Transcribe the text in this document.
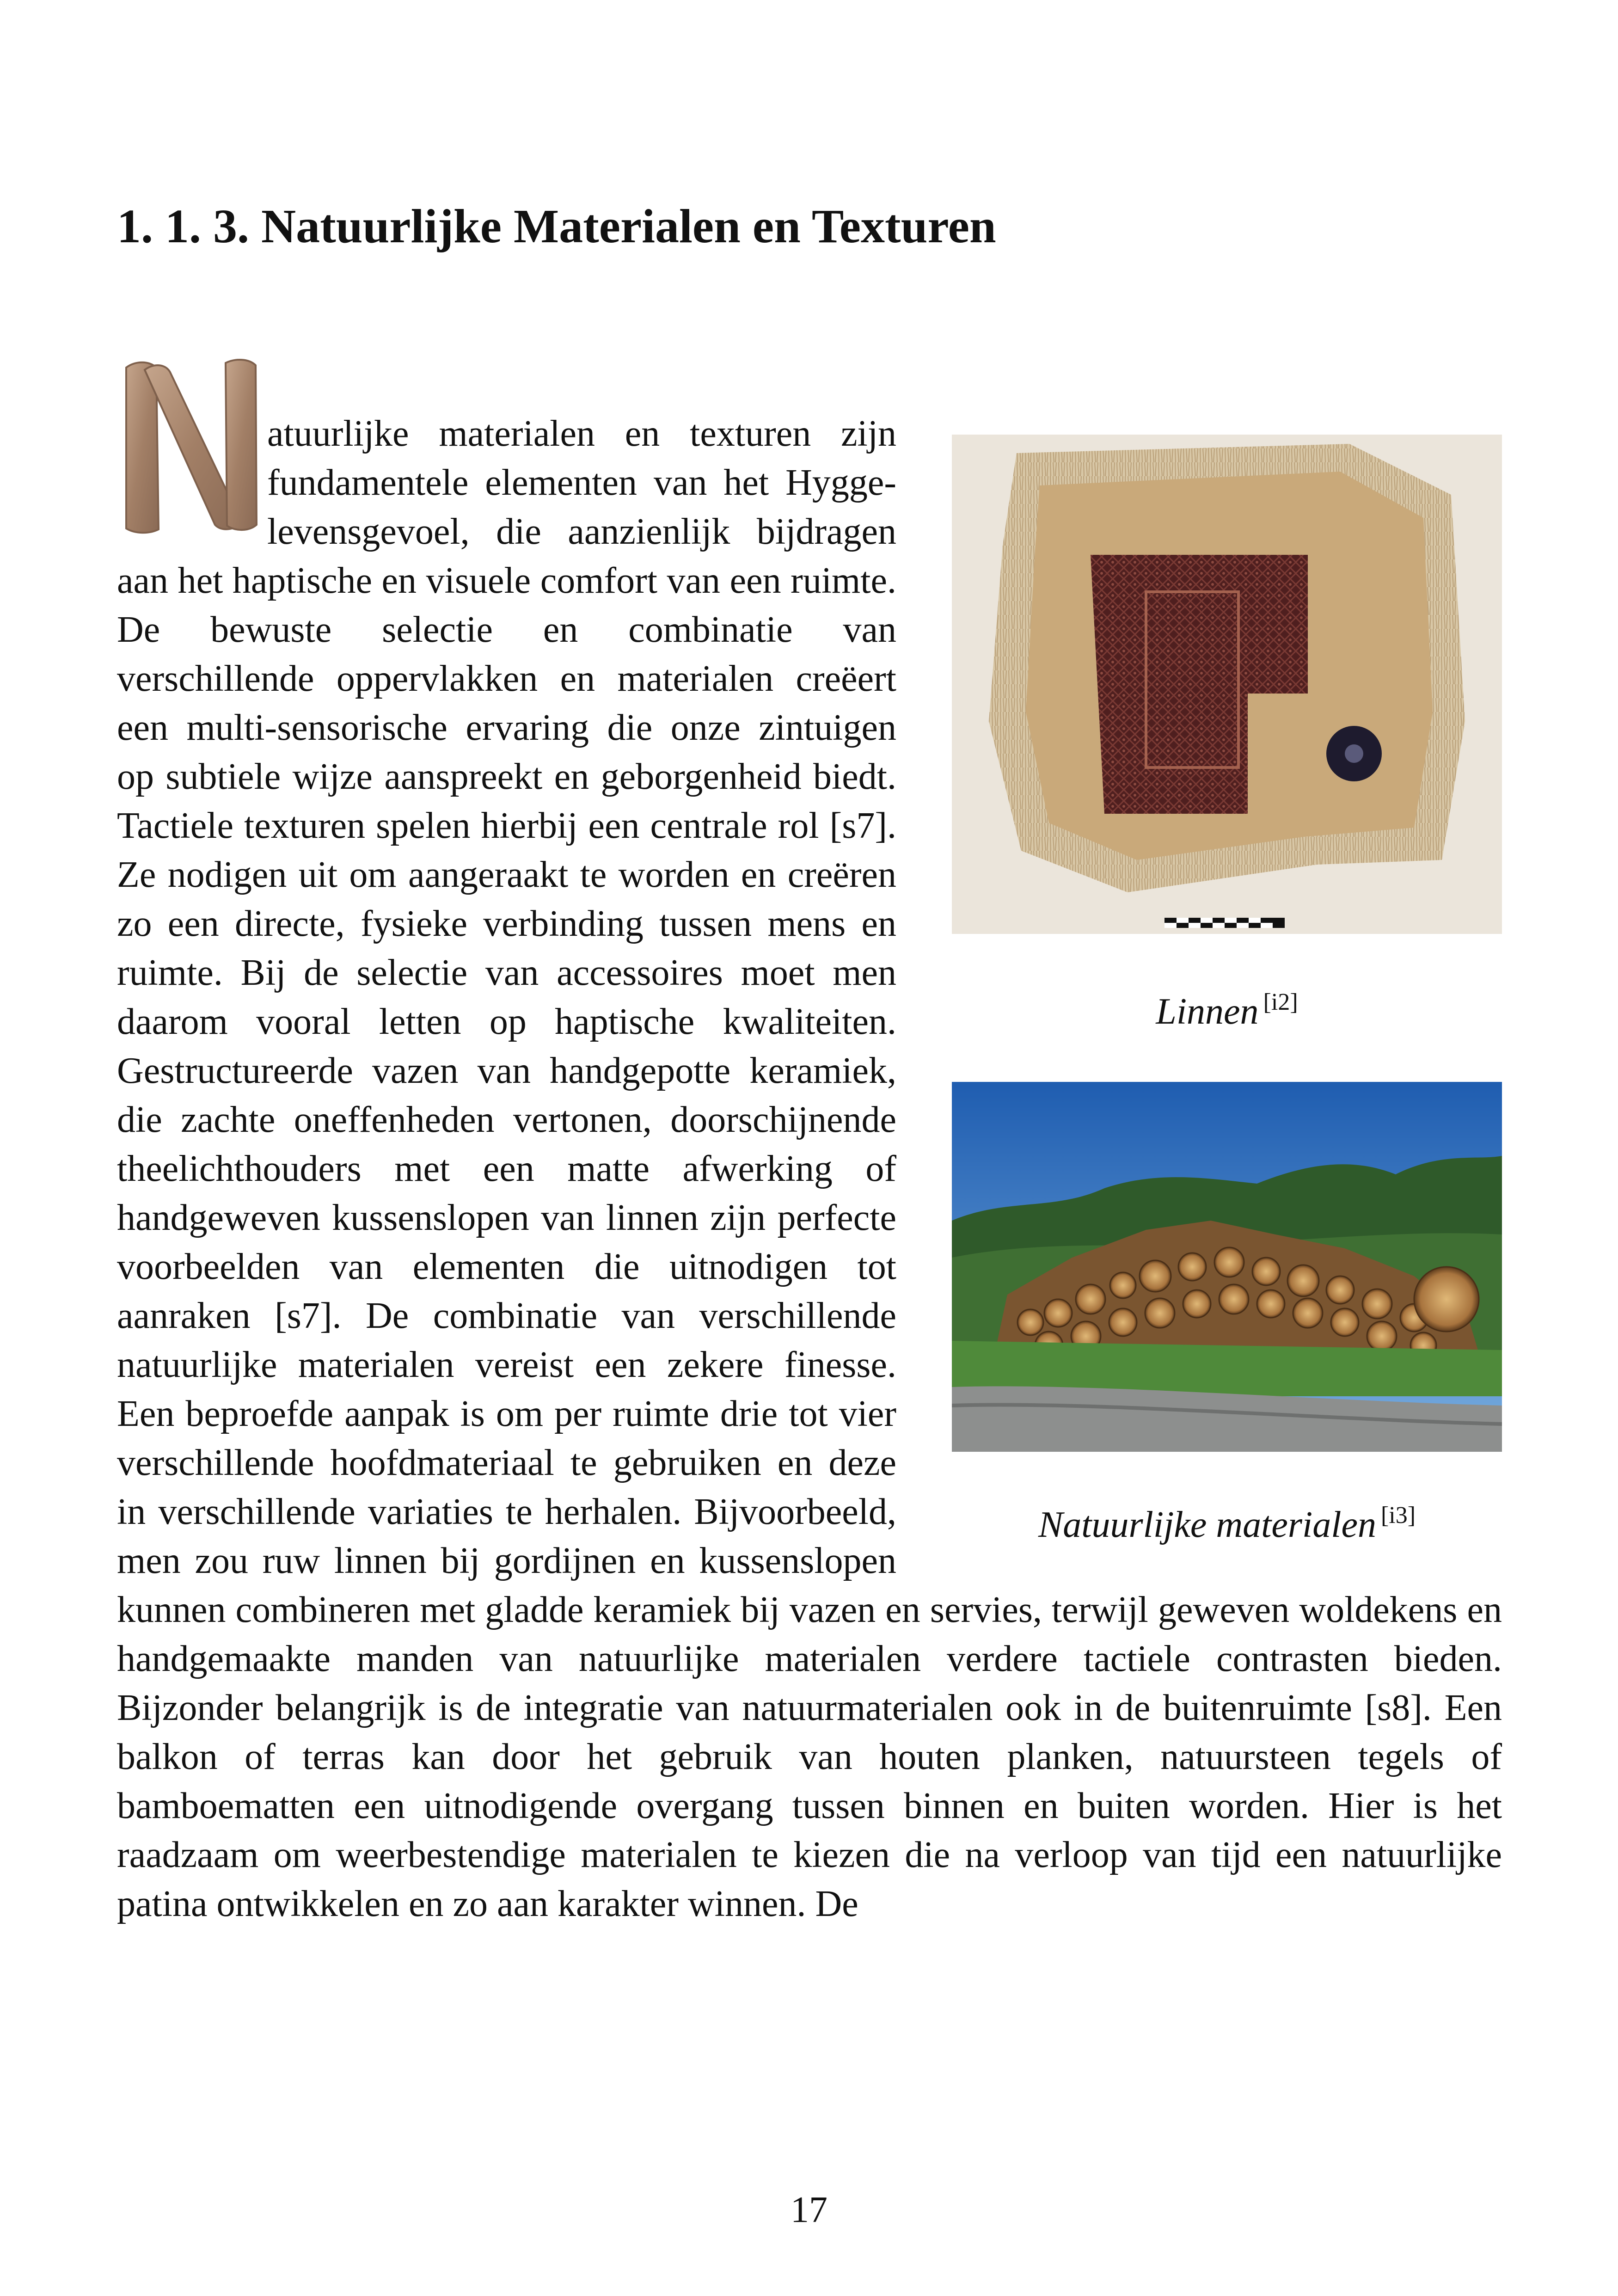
1. 1. 3. Natuurlijke Materialen en Texturen
Linnen [i2]
Natuurlijke materialen [i3]
atuurlijke materialen en texturen zijn fundamentele elementen van het Hygge-levensgevoel, die aanzienlijk bijdragen aan het haptische en visuele comfort van een ruimte. De bewuste selectie en combinatie van verschillende oppervlakken en materialen creëert een multi-sensorische ervaring die onze zintuigen op subtiele wijze aanspreekt en geborgenheid biedt. Tactiele texturen spelen hierbij een centrale rol [s7]. Ze nodigen uit om aangeraakt te worden en creëren zo een directe, fysieke verbinding tussen mens en ruimte. Bij de selectie van accessoires moet men daarom vooral letten op haptische kwaliteiten. Gestructureerde vazen van handgepotte keramiek, die zachte oneffenheden vertonen, doorschijnende theelichthouders met een matte afwerking of handgeweven kussenslopen van linnen zijn perfecte voorbeelden van elementen die uitnodigen tot aanraken [s7]. De combinatie van verschillende natuurlijke materialen vereist een zekere finesse. Een beproefde aanpak is om per ruimte drie tot vier verschillende hoofdmateriaal te gebruiken en deze in verschillende variaties te herhalen. Bijvoorbeeld, men zou ruw linnen bij gordijnen en kussenslopen kunnen combineren met gladde keramiek bij vazen en servies, terwijl geweven woldekens en handgemaakte manden van natuurlijke materialen verdere tactiele contrasten bieden. Bijzonder belangrijk is de integratie van natuurmaterialen ook in de buitenruimte [s8]. Een balkon of terras kan door het gebruik van houten planken, natuursteen tegels of bamboematten een uitnodigende overgang tussen binnen en buiten worden. Hier is het raadzaam om weerbestendige materialen te kiezen die na verloop van tijd een natuurlijke patina ontwikkelen en zo aan karakter winnen. De
17
